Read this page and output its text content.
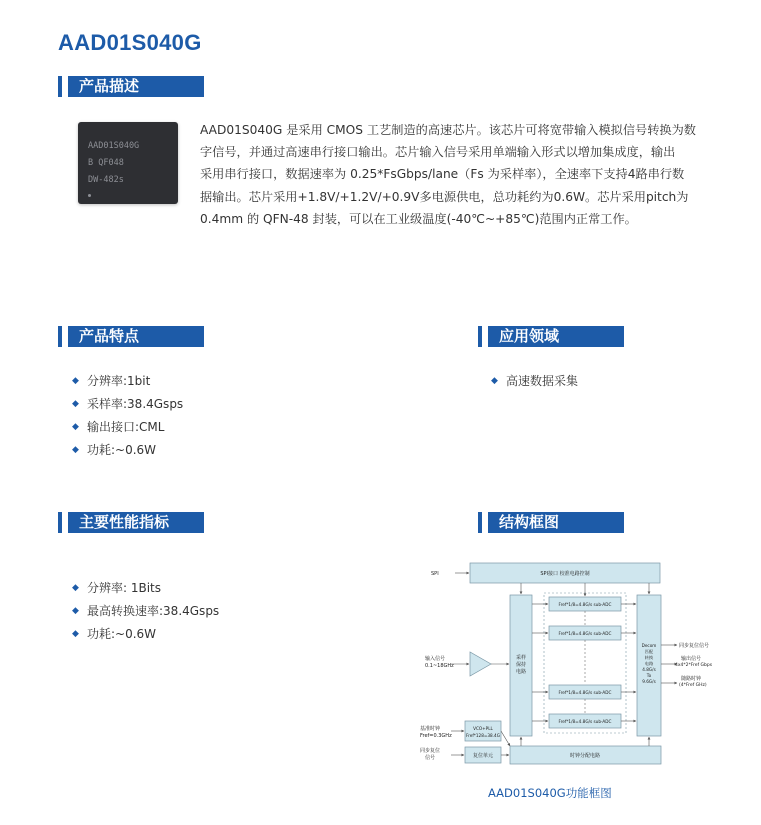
AAD01S040G
产品描述
AAD01S040G
B QF048
DW-482s
AAD01S040G 是采用 CMOS 工艺制造的高速芯片。该芯片可将宽带输入模拟信号转换为数
字信号，并通过高速串行接口输出。芯片输入信号采用单端输入形式以增加集成度，输出
采用串行接口，数据速率为 0.25*FsGbps/lane（Fs 为采样率），全速率下支持4路串行数
据输出。芯片采用+1.8V/+1.2V/+0.9V多电源供电，总功耗约为0.6W。芯片采用pitch为
0.4mm 的 QFN-48 封装，可以在工业级温度(-40℃~+85℃)范围内正常工作。
产品特点
◆ 分辨率:1bit
◆ 采样率:38.4Gsps
◆ 输出接口:CML
◆ 功耗:~0.6W
应用领域
◆ 高速数据采集
主要性能指标
◆ 分辨率: 1Bits
◆ 最高转换速率:38.4Gsps
◆ 功耗:~0.6W
结构框图
SPI	SPI接口 校准电路控制
采样
保持
电路
Fref*1/8=4.8G/s sub-ADC
Fref*1/8=4.8G/s sub-ADC
Fref*1/8=4.8G/s sub-ADC
Fref*1/8=4.8G/s sub-ADC
输入信号
0.1~18GHz
基准时钟
Fref=0.3GHz
VCO+PLL
Fref*128=38.4G
同步复位
信号	复位单元	时钟分配电路
Decom
匹配
转换
电路
4.8G/s
To
9.6G/s
同步复位信号
输出信号
4x4*2*Fref Gbps
随路时钟
(4*Fref GHz)
AAD01S040G功能框图
